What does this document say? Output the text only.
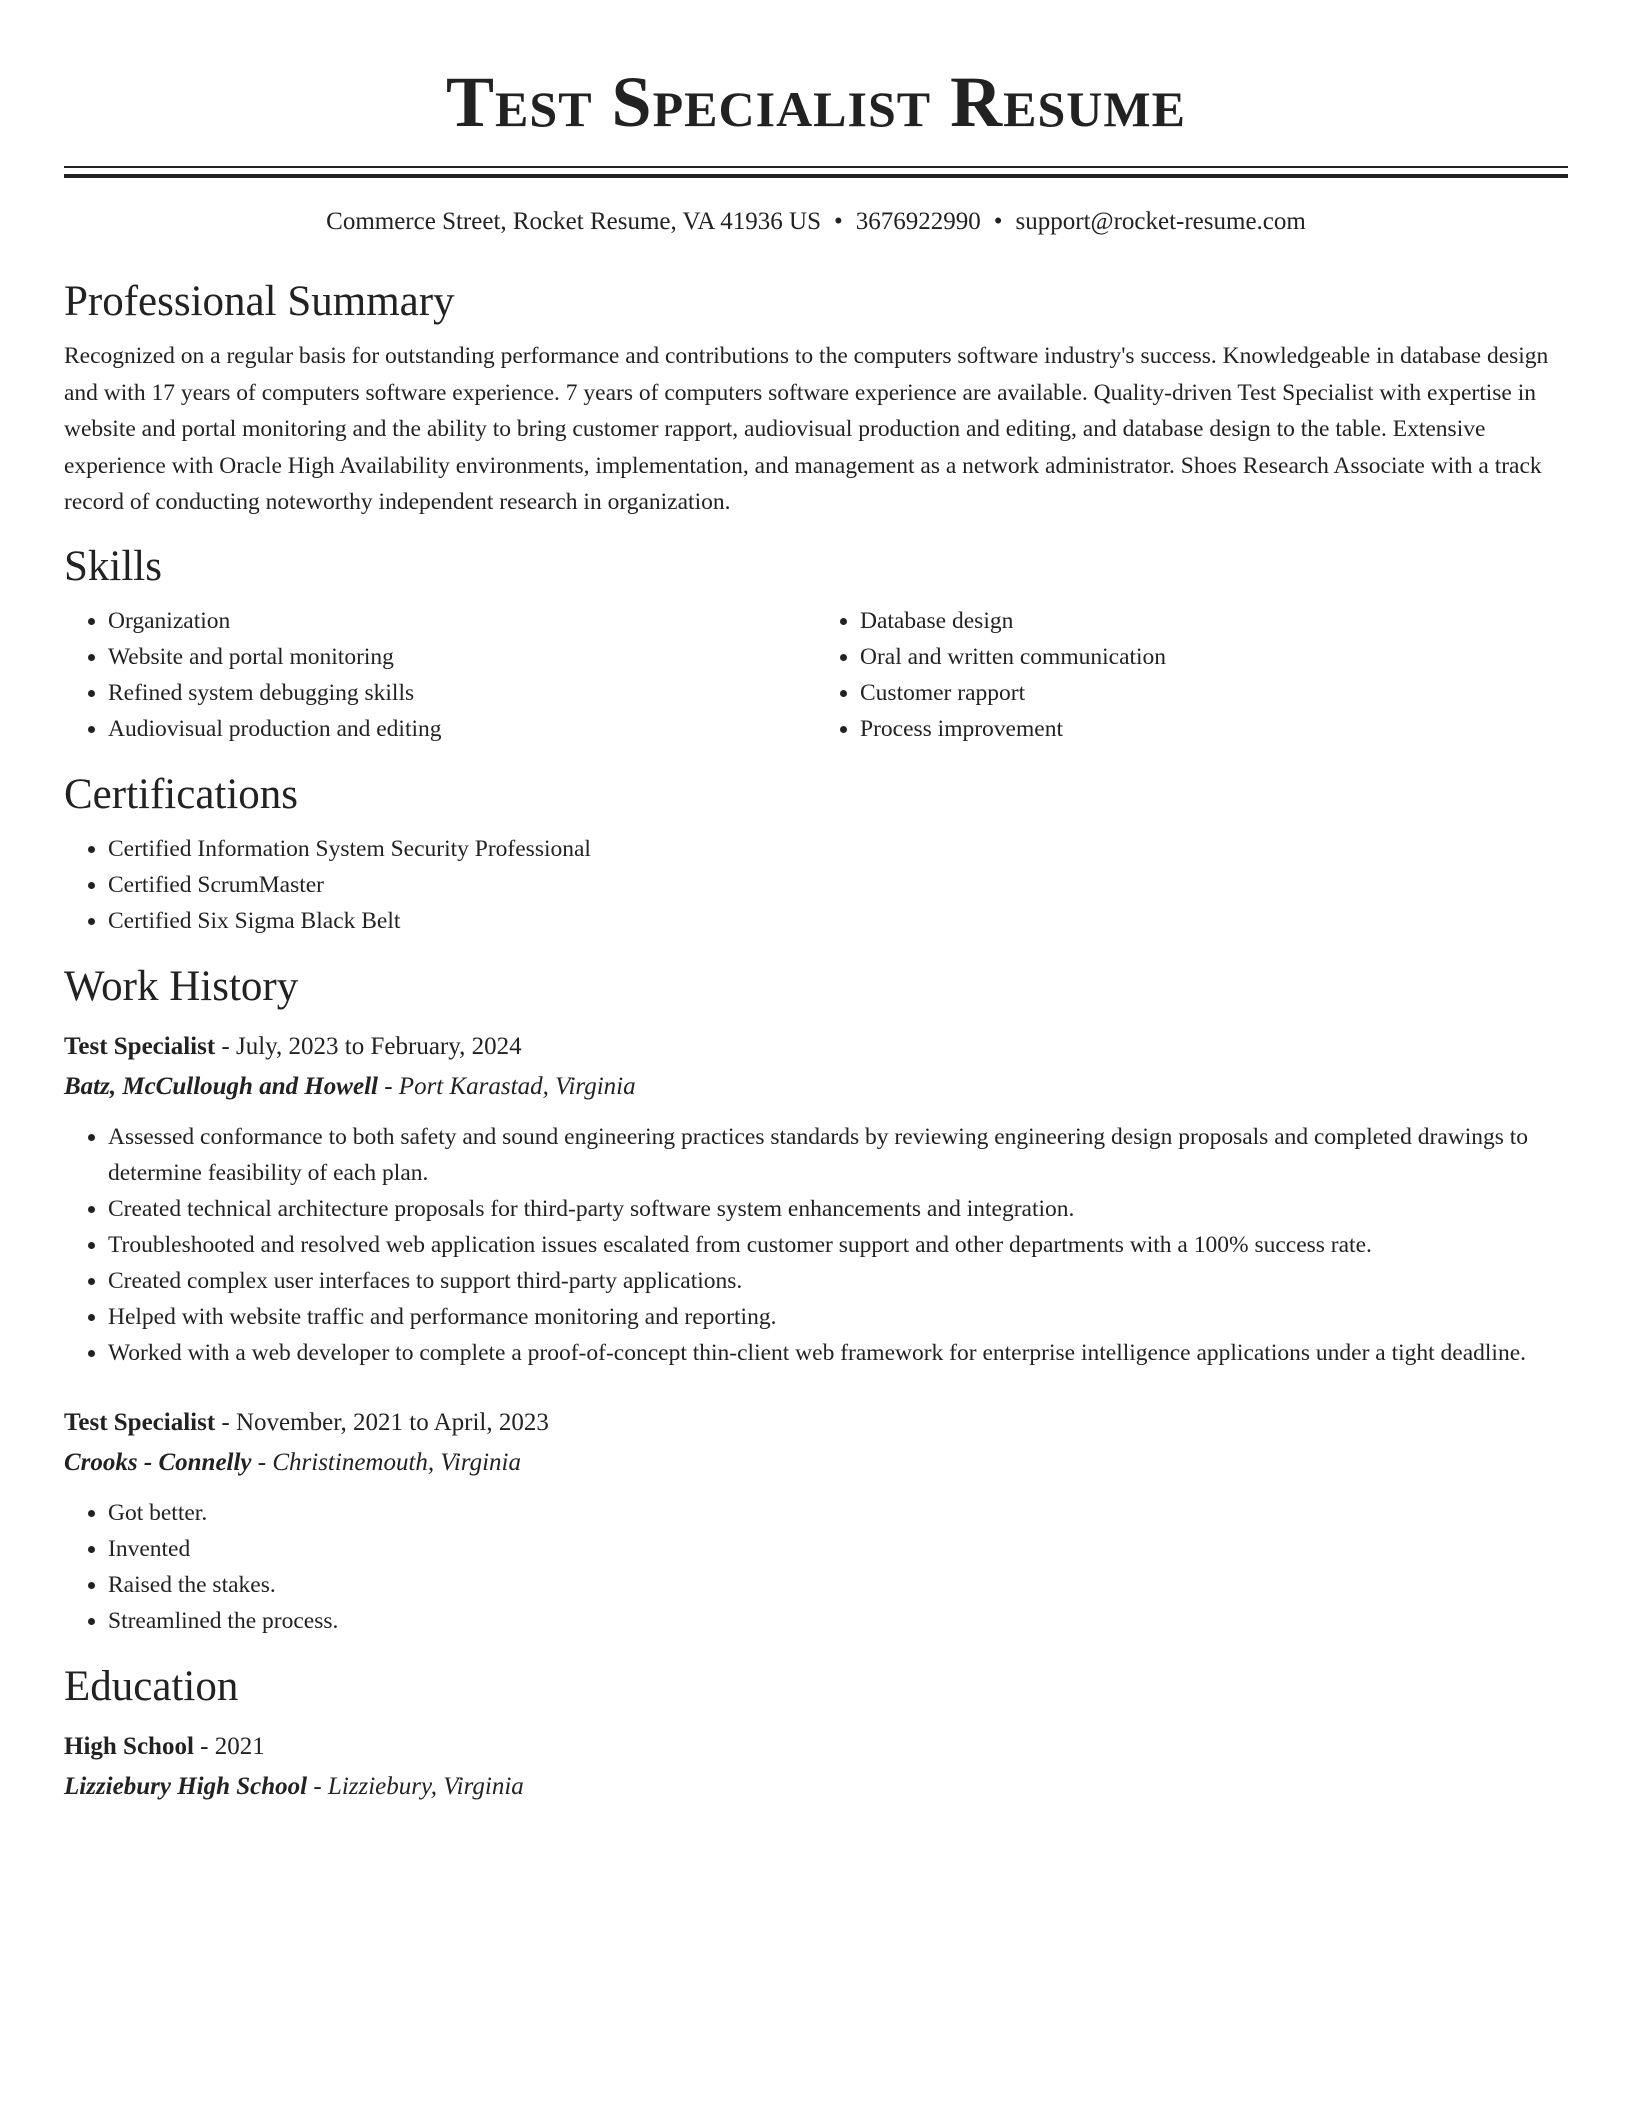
Test Specialist Resume
Commerce Street, Rocket Resume, VA 41936 US • 3676922990 • support@rocket-resume.com
Professional Summary

Recognized on a regular basis for outstanding performance and contributions to the computers software industry's success. Knowledgeable in database design and with 17 years of computers software experience. 7 years of computers software experience are available. Quality-driven Test Specialist with expertise in website and portal monitoring and the ability to bring customer rapport, audiovisual production and editing, and database design to the table. Extensive experience with Oracle High Availability environments, implementation, and management as a network administrator. Shoes Research Associate with a track record of conducting noteworthy independent research in organization.

Skills
• Organization
• Website and portal monitoring
• Refined system debugging skills
• Audiovisual production and editing
• Database design
• Oral and written communication
• Customer rapport
• Process improvement
Certifications
• Certified Information System Security Professional
• Certified ScrumMaster
• Certified Six Sigma Black Belt
Work History
Test Specialist - July, 2023 to February, 2024
Batz, McCullough and Howell - Port Karastad, Virginia
• Assessed conformance to both safety and sound engineering practices standards by reviewing engineering design proposals and completed drawings to determine feasibility of each plan.
• Created technical architecture proposals for third-party software system enhancements and integration.
• Troubleshooted and resolved web application issues escalated from customer support and other departments with a 100% success rate.
• Created complex user interfaces to support third-party applications.
• Helped with website traffic and performance monitoring and reporting.
• Worked with a web developer to complete a proof-of-concept thin-client web framework for enterprise intelligence applications under a tight deadline.
Test Specialist - November, 2021 to April, 2023
Crooks - Connelly - Christinemouth, Virginia
• Got better.
• Invented
• Raised the stakes.
• Streamlined the process.
Education
High School - 2021
Lizziebury High School - Lizziebury, Virginia
